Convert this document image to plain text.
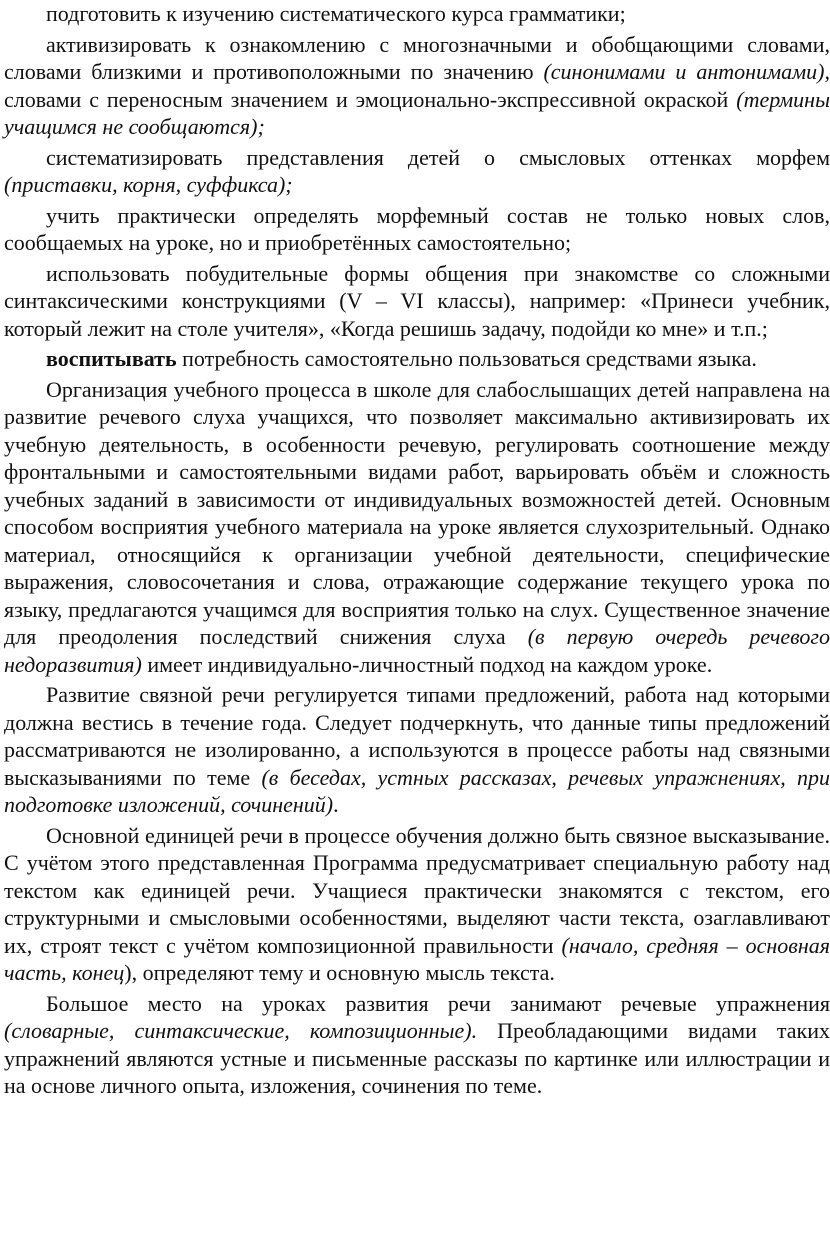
подготовить к изучению систематического курса грамматики;

активизировать к ознакомлению с многозначными и обобщающими словами, словами близкими и противоположными по значению (синонимами и антонимами), словами с переносным значением и эмоционально-экспрессивной окраской (термины учащимся не сообщаются);

систематизировать представления детей о смысловых оттенках морфем (приставки, корня, суффикса);

учить практически определять морфемный состав не только новых слов, сообщаемых на уроке, но и приобретённых самостоятельно;

использовать побудительные формы общения при знакомстве со сложными синтаксическими конструкциями (V – VI классы), например: «Принеси учебник, который лежит на столе учителя», «Когда решишь задачу, подойди ко мне» и т.п.;

воспитывать потребность самостоятельно пользоваться средствами языка.

Организация учебного процесса в школе для слабослышащих детей направлена на развитие речевого слуха учащихся, что позволяет максимально активизировать их учебную деятельность, в особенности речевую, регулировать соотношение между фронтальными и самостоятельными видами работ, варьировать объём и сложность учебных заданий в зависимости от индивидуальных возможностей детей. Основным способом восприятия учебного материала на уроке является слухозрительный. Однако материал, относящийся к организации учебной деятельности, специфические выражения, словосочетания и слова, отражающие содержание текущего урока по языку, предлагаются учащимся для восприятия только на слух. Существенное значение для преодоления последствий снижения слуха (в первую очередь речевого недоразвития) имеет индивидуально-личностный подход на каждом уроке.

Развитие связной речи регулируется типами предложений, работа над которыми должна вестись в течение года. Следует подчеркнуть, что данные типы предложений рассматриваются не изолированно, а используются в процессе работы над связными высказываниями по теме (в беседах, устных рассказах, речевых упражнениях, при подготовке изложений, сочинений).

Основной единицей речи в процессе обучения должно быть связное высказывание. С учётом этого представленная Программа предусматривает специальную работу над текстом как единицей речи. Учащиеся практически знакомятся с текстом, его структурными и смысловыми особенностями, выделяют части текста, озаглавливают их, строят текст с учётом композиционной правильности (начало, средняя – основная часть, конец), определяют тему и основную мысль текста.

Большое место на уроках развития речи занимают речевые упражнения (словарные, синтаксические, композиционные). Преобладающими видами таких упражнений являются устные и письменные рассказы по картинке или иллюстрации и на основе личного опыта, изложения, сочинения по теме.
